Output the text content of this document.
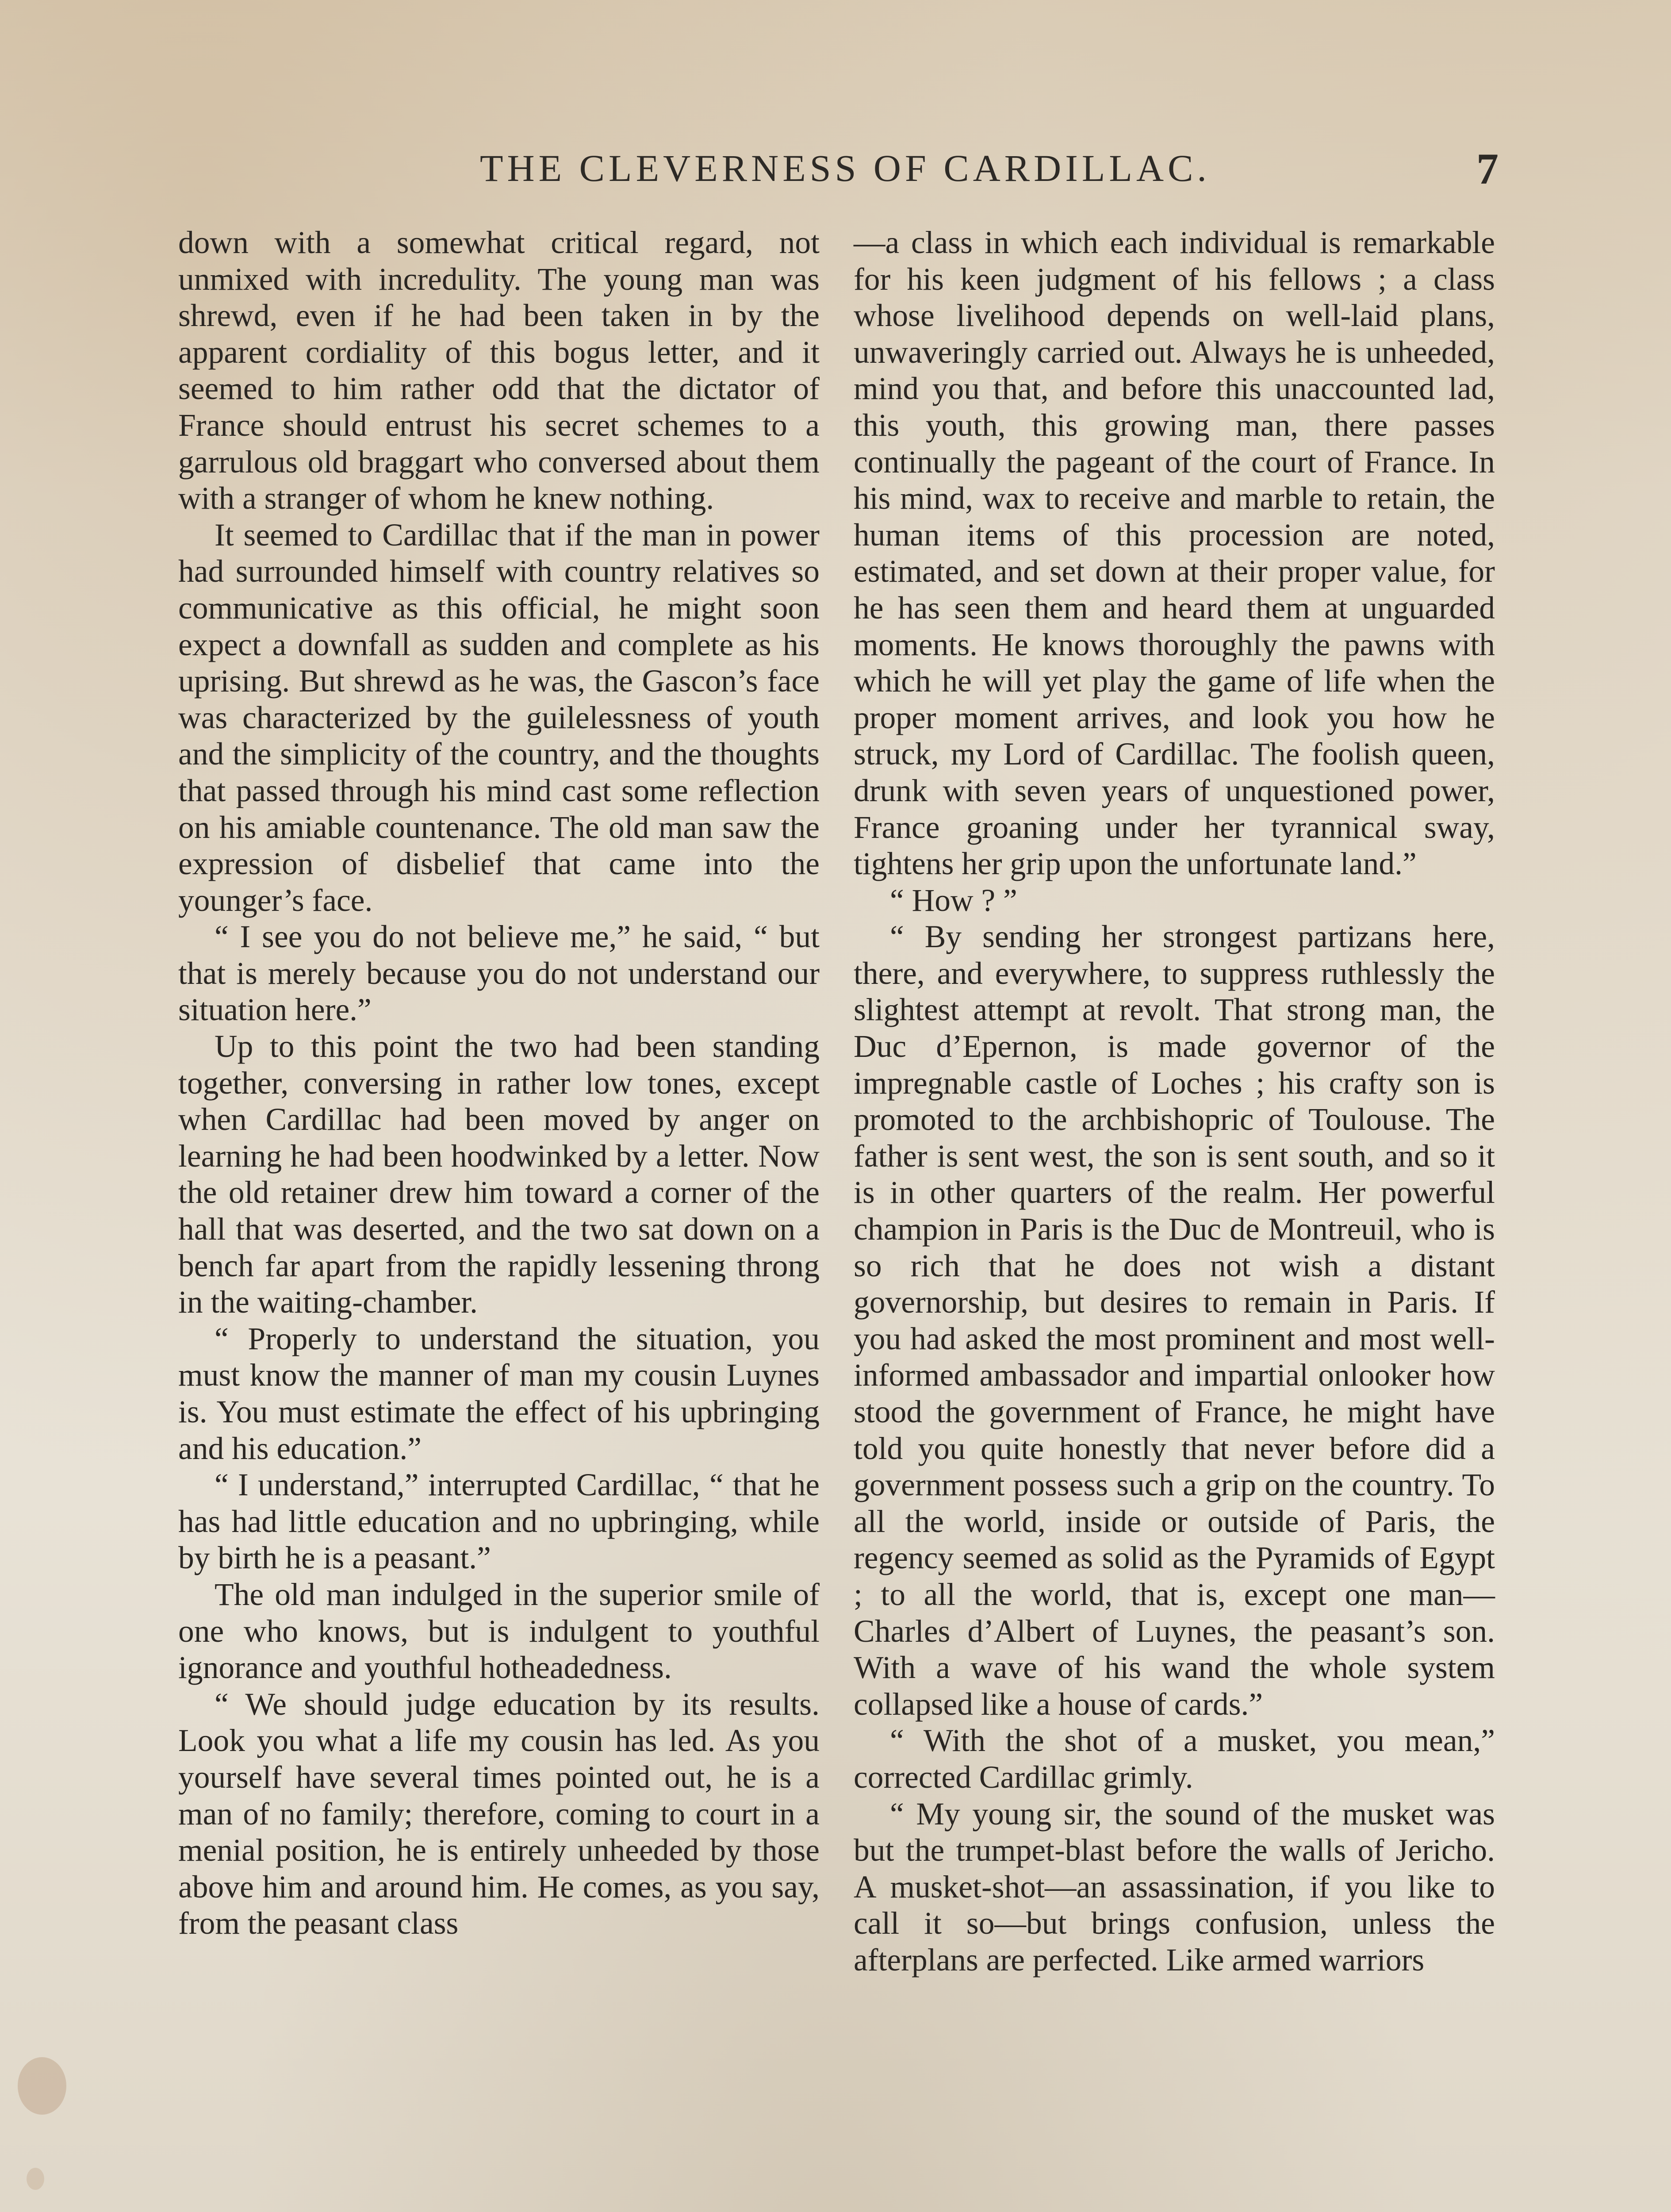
THE CLEVERNESS OF CARDILLAC.	7

down with a somewhat critical regard, not unmixed with incredulity. The young man was shrewd, even if he had been taken in by the apparent cordiality of this bogus letter, and it seemed to him rather odd that the dictator of France should entrust his secret schemes to a garrulous old braggart who conversed about them with a stranger of whom he knew nothing.

It seemed to Cardillac that if the man in power had surrounded himself with country relatives so communicative as this official, he might soon expect a downfall as sudden and complete as his uprising. But shrewd as he was, the Gascon’s face was characterized by the guilelessness of youth and the simplicity of the country, and the thoughts that passed through his mind cast some reflection on his amiable countenance. The old man saw the expression of disbelief that came into the younger’s face.

“ I see you do not believe me,” he said, “ but that is merely because you do not understand our situation here.”

Up to this point the two had been standing together, conversing in rather low tones, except when Cardillac had been moved by anger on learning he had been hoodwinked by a letter. Now the old retainer drew him toward a corner of the hall that was deserted, and the two sat down on a bench far apart from the rapidly lessening throng in the waiting-chamber.

“ Properly to understand the situation, you must know the manner of man my cousin Luynes is. You must estimate the effect of his upbringing and his education.”

“ I understand,” interrupted Cardillac, “ that he has had little education and no upbringing, while by birth he is a peasant.”

The old man indulged in the superior smile of one who knows, but is indulgent to youthful ignorance and youthful hotheadedness.

“ We should judge education by its results. Look you what a life my cousin has led. As you yourself have several times pointed out, he is a man of no family; therefore, coming to court in a menial position, he is entirely unheeded by those above him and around him. He comes, as you say, from the peasant class

—a class in which each individual is remarkable for his keen judgment of his fellows ; a class whose livelihood depends on well-laid plans, unwaveringly carried out. Always he is unheeded, mind you that, and before this unaccounted lad, this youth, this growing man, there passes continually the pageant of the court of France. In his mind, wax to receive and marble to retain, the human items of this procession are noted, estimated, and set down at their proper value, for he has seen them and heard them at unguarded moments. He knows thoroughly the pawns with which he will yet play the game of life when the proper moment arrives, and look you how he struck, my Lord of Cardillac. The foolish queen, drunk with seven years of unquestioned power, France groaning under her tyrannical sway, tightens her grip upon the unfortunate land.”

“ How ? ”

“ By sending her strongest partizans here, there, and everywhere, to suppress ruthlessly the slightest attempt at revolt. That strong man, the Duc d’Epernon, is made governor of the impregnable castle of Loches ; his crafty son is promoted to the archbishopric of Toulouse. The father is sent west, the son is sent south, and so it is in other quarters of the realm. Her powerful champion in Paris is the Duc de Montreuil, who is so rich that he does not wish a distant governorship, but desires to remain in Paris. If you had asked the most prominent and most well-informed ambassador and impartial onlooker how stood the government of France, he might have told you quite honestly that never before did a government possess such a grip on the country. To all the world, inside or outside of Paris, the regency seemed as solid as the Pyramids of Egypt ; to all the world, that is, except one man—Charles d’Albert of Luynes, the peasant’s son. With a wave of his wand the whole system collapsed like a house of cards.”

“ With the shot of a musket, you mean,” corrected Cardillac grimly.

“ My young sir, the sound of the musket was but the trumpet-blast before the walls of Jericho. A musket-shot—an assassination, if you like to call it so—but brings confusion, unless the afterplans are perfected. Like armed warriors
